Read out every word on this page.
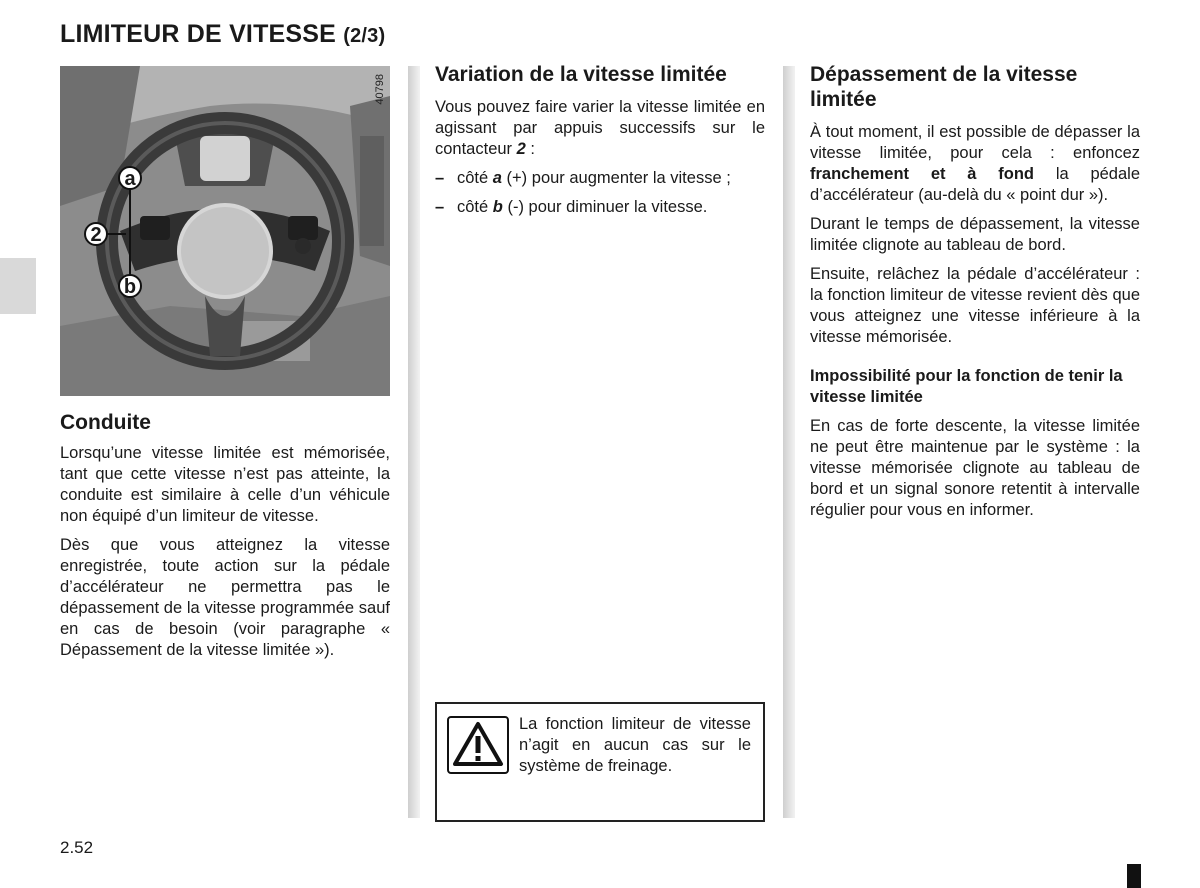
LIMITEUR DE VITESSE (2/3)
40798
a
2
b
Conduite

Lorsqu’une vitesse limitée est mémorisée, tant que cette vitesse n’est pas atteinte, la conduite est similaire à celle d’un véhicule non équipé d’un limiteur de vitesse.

Dès que vous atteignez la vitesse enregistrée, toute action sur la pédale d’accélérateur ne permettra pas le dépassement de la vitesse programmée sauf en cas de besoin (voir paragraphe « Dépassement de la vitesse limitée »).

Variation de la vitesse limitée

Vous pouvez faire varier la vitesse limitée en agissant par appuis successifs sur le contacteur 2 :

– côté a (+) pour augmenter la vitesse ;
– côté b (-) pour diminuer la vitesse.

La fonction limiteur de vitesse n’agit en aucun cas sur le système de freinage.

Dépassement de la vitesse limitée

À tout moment, il est possible de dépasser la vitesse limitée, pour cela : enfoncez franchement et à fond la pédale d’accélérateur (au-delà du « point dur »).

Durant le temps de dépassement, la vitesse limitée clignote au tableau de bord.

Ensuite, relâchez la pédale d’accélérateur : la fonction limiteur de vitesse revient dès que vous atteignez une vitesse inférieure à la vitesse mémorisée.

Impossibilité pour la fonction de tenir la vitesse limitée

En cas de forte descente, la vitesse limitée ne peut être maintenue par le système : la vitesse mémorisée clignote au tableau de bord et un signal sonore retentit à intervalle régulier pour vous en informer.

2.52
